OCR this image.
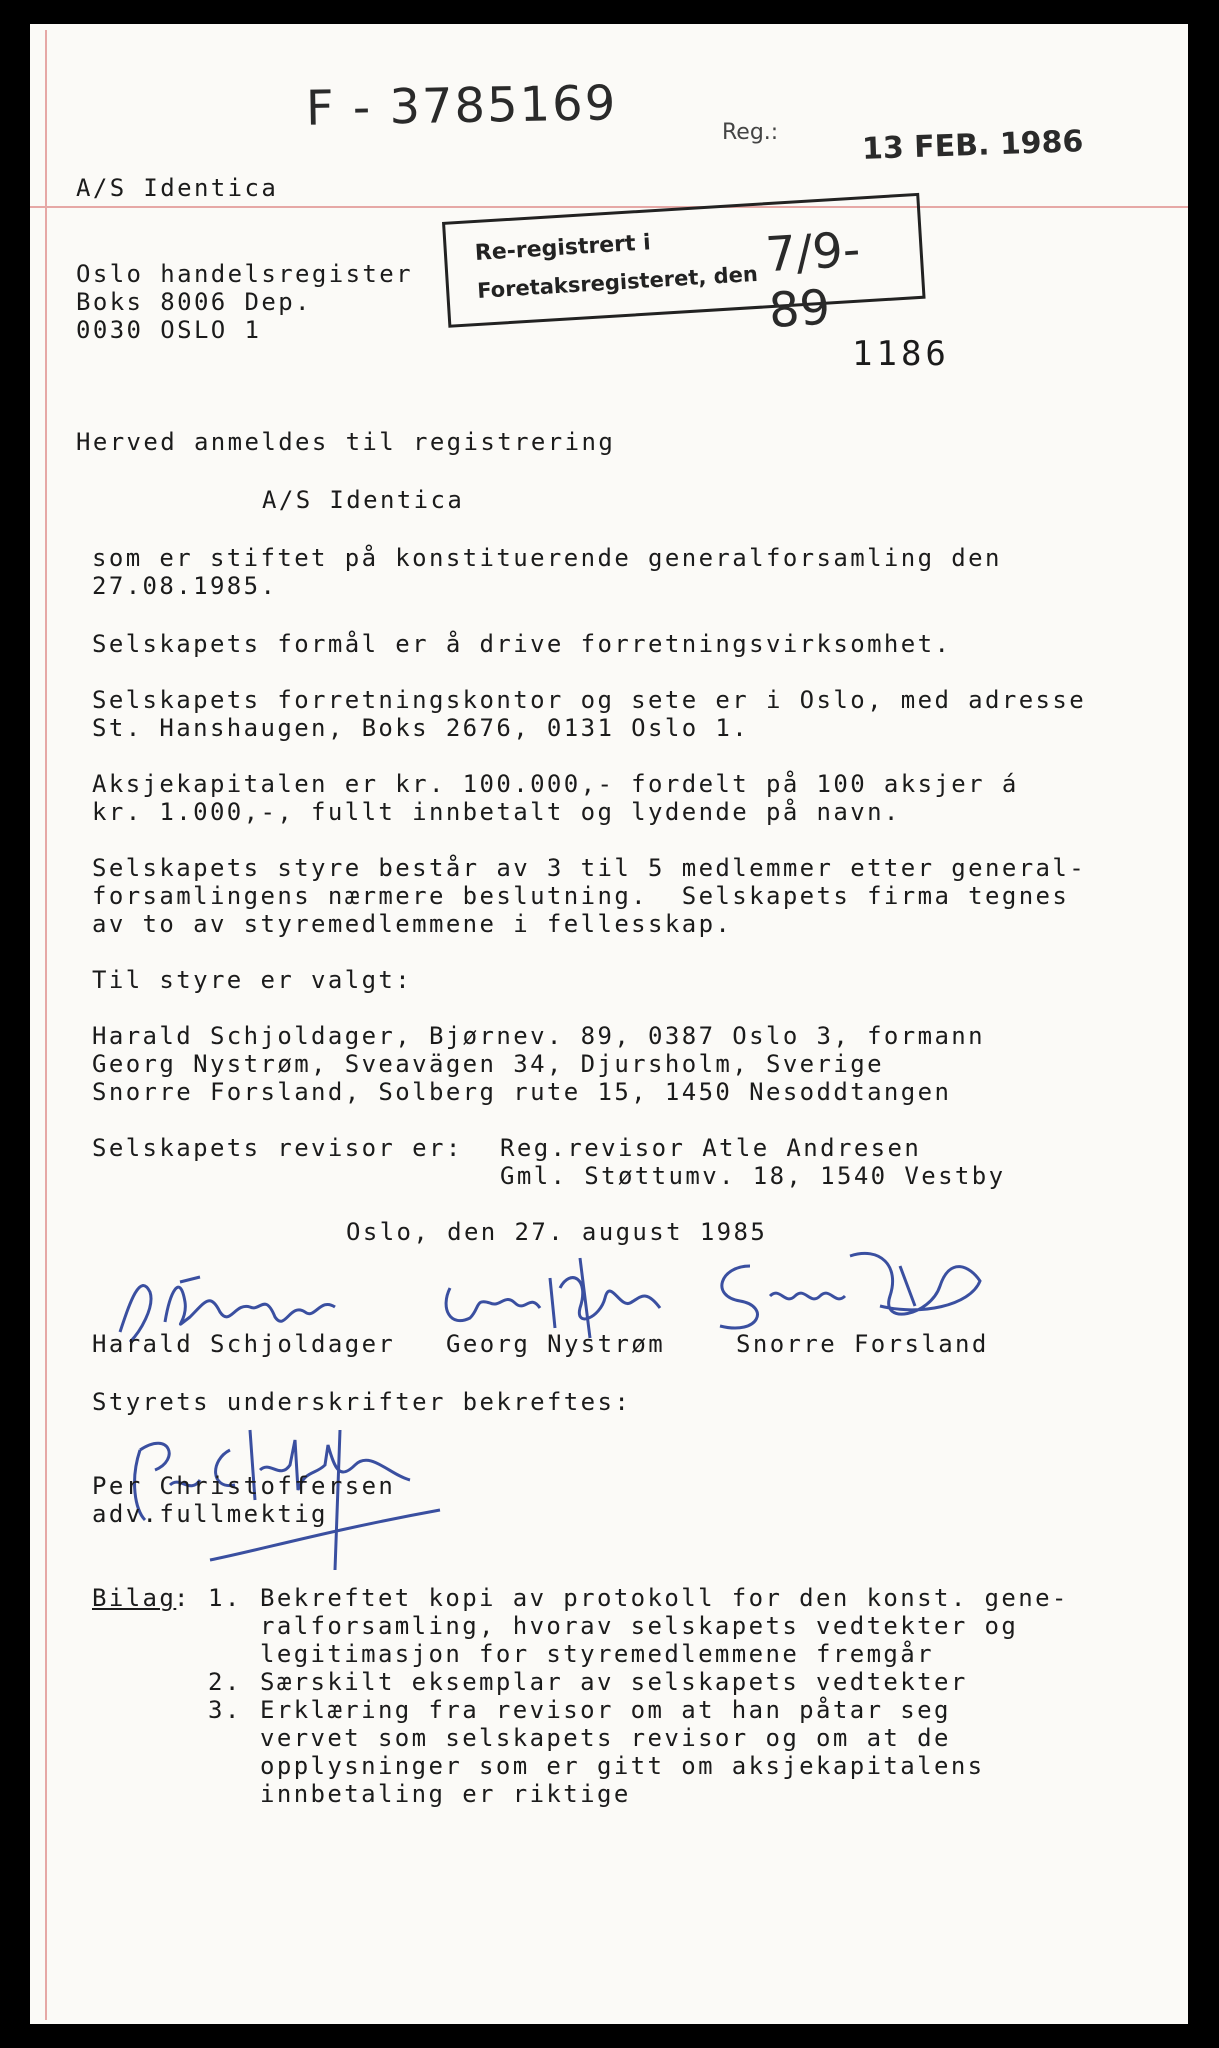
F - 3785169	Reg.:	13 FEB. 1986
A/S Identica
Re-registrert i
Foretaksregisteret, den 7/9-89
Oslo handelsregister
Boks 8006 Dep.
0030 OSLO 1
1186
Herved anmeldes til registrering
A/S Identica
som er stiftet på konstituerende generalforsamling den
27.08.1985.
Selskapets formål er å drive forretningsvirksomhet.
Selskapets forretningskontor og sete er i Oslo, med adresse
St. Hanshaugen, Boks 2676, 0131 Oslo 1.
Aksjekapitalen er kr. 100.000,- fordelt på 100 aksjer á
kr. 1.000,-, fullt innbetalt og lydende på navn.
Selskapets styre består av 3 til 5 medlemmer etter general-
forsamlingens nærmere beslutning.  Selskapets firma tegnes
av to av styremedlemmene i fellesskap.
Til styre er valgt:
Harald Schjoldager, Bjørnev. 89, 0387 Oslo 3, formann
Georg Nystrøm, Sveavägen 34, Djursholm, Sverige
Snorre Forsland, Solberg rute 15, 1450 Nesoddtangen
Selskapets revisor er: Reg.revisor Atle Andresen
Gml. Støttumv. 18, 1540 Vestby
Oslo, den 27. august 1985
Harald Schjoldager Georg Nystrøm	Snorre Forsland
Styrets underskrifter bekreftes:
Per Christoffersen
adv.fullmektig
Bilag
: 1. Bekreftet kopi av protokoll for den konst. gene-
ralforsamling, hvorav selskapets vedtekter og
legitimasjon for styremedlemmene fremgår
2. Særskilt eksemplar av selskapets vedtekter
3. Erklæring fra revisor om at han påtar seg
vervet som selskapets revisor og om at de
opplysninger som er gitt om aksjekapitalens
innbetaling er riktige
